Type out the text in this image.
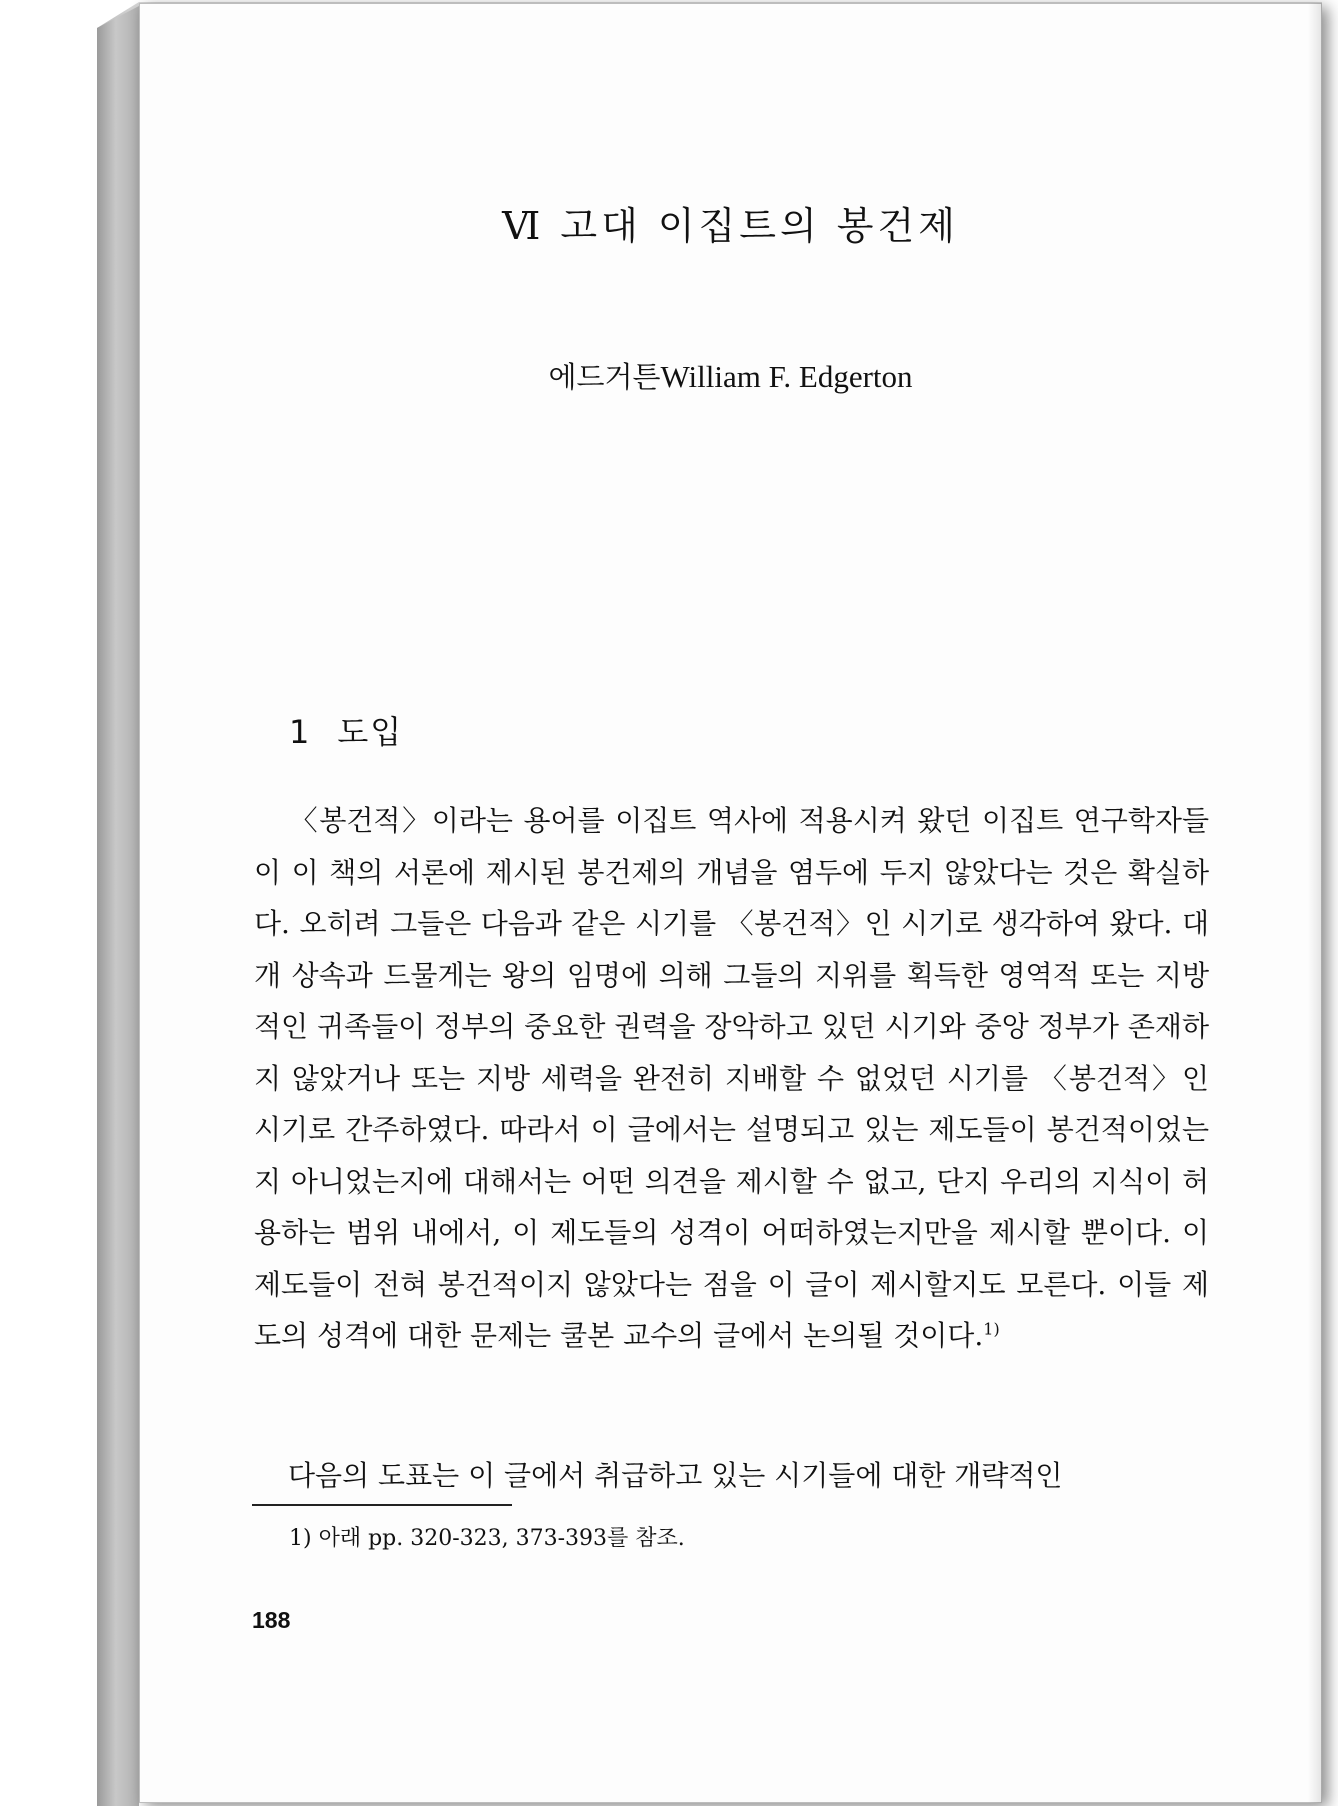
Ⅵ 고대 이집트의 봉건제
에드거튼William F. Edgerton
1 도입

〈봉건적〉이라는 용어를 이집트 역사에 적용시켜 왔던 이집트 연구학자들이 이 책의 서론에 제시된 봉건제의 개념을 염두에 두지 않았다는 것은 확실하다. 오히려 그들은 다음과 같은 시기를 〈봉건적〉인 시기로 생각하여 왔다. 대개 상속과 드물게는 왕의 임명에 의해 그들의 지위를 획득한 영역적 또는 지방적인 귀족들이 정부의 중요한 권력을 장악하고 있던 시기와 중앙 정부가 존재하지 않았거나 또는 지방 세력을 완전히 지배할 수 없었던 시기를 〈봉건적〉인 시기로 간주하였다. 따라서 이 글에서는 설명되고 있는 제도들이 봉건적이었는지 아니었는지에 대해서는 어떤 의견을 제시할 수 없고, 단지 우리의 지식이 허용하는 범위 내에서, 이 제도들의 성격이 어떠하였는지만을 제시할 뿐이다. 이 제도들이 전혀 봉건적이지 않았다는 점을 이 글이 제시할지도 모른다. 이들 제도의 성격에 대한 문제는 쿨본 교수의 글에서 논의될 것이다.$^{1)}$

다음의 도표는 이 글에서 취급하고 있는 시기들에 대한 개략적인

1) 아래 pp. 320-323, 373-393를 참조.
188
